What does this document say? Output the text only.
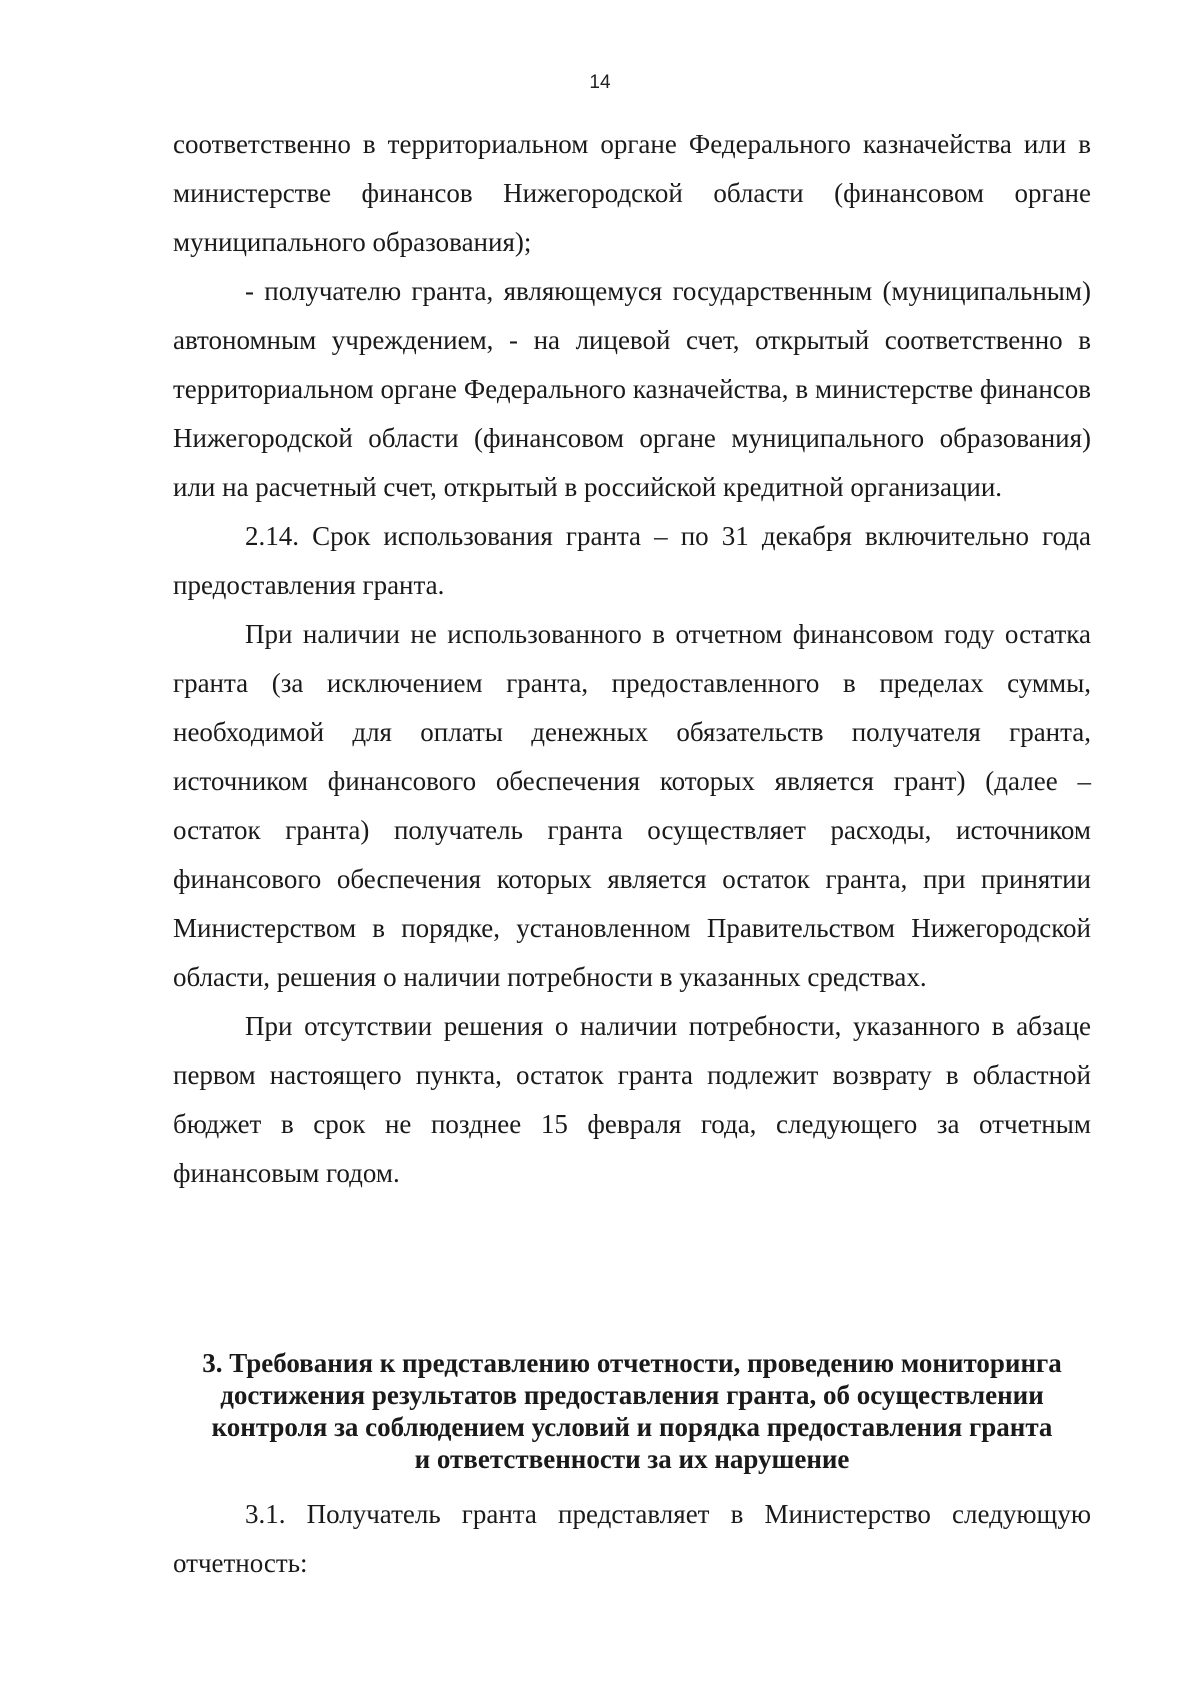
14

соответственно в территориальном органе Федерального казначейства или в министерстве финансов Нижегородской области (финансовом органе муниципального образования);

- получателю гранта, являющемуся государственным (муниципальным) автономным учреждением, - на лицевой счет, открытый соответственно в территориальном органе Федерального казначейства, в министерстве финансов Нижегородской области (финансовом органе муниципального образования) или на расчетный счет, открытый в российской кредитной организации.

2.14. Срок использования гранта – по 31 декабря включительно года предоставления гранта.

При наличии не использованного в отчетном финансовом году остатка гранта (за исключением гранта, предоставленного в пределах суммы, необходимой для оплаты денежных обязательств получателя гранта, источником финансового обеспечения которых является грант) (далее – остаток гранта) получатель гранта осуществляет расходы, источником финансового обеспечения которых является остаток гранта, при принятии Министерством в порядке, установленном Правительством Нижегородской области, решения о наличии потребности в указанных средствах.

При отсутствии решения о наличии потребности, указанного в абзаце первом настоящего пункта, остаток гранта подлежит возврату в областной бюджет в срок не позднее 15 февраля года, следующего за отчетным финансовым годом.

3. Требования к представлению отчетности, проведению мониторинга
достижения результатов предоставления гранта, об осуществлении
контроля за соблюдением условий и порядка предоставления гранта
и ответственности за их нарушение

3.1. Получатель гранта представляет в Министерство следующую отчетность:
